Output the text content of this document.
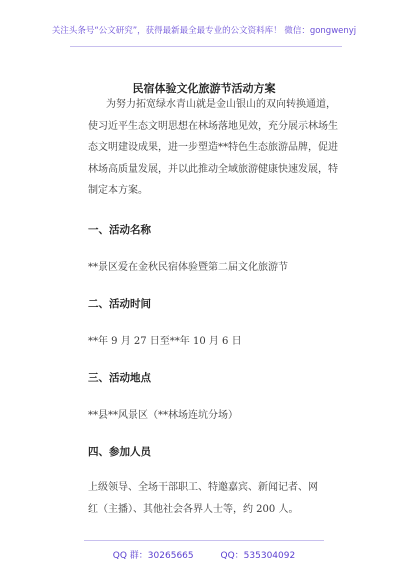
关注头条号“公文研究”，获得最新最全最专业的公文资料库！ 微信：gongwenyj
民宿体验文化旅游节活动方案
为努力拓宽绿水青山就是金山银山的双向转换通道，
使习近平生态文明思想在林场落地见效，充分展示林场生
态文明建设成果，进一步塑造**特色生态旅游品牌，促进
林场高质量发展，并以此推动全域旅游健康快速发展，特
制定本方案。
一、活动名称
**景区爱在金秋民宿体验暨第二届文化旅游节
二、活动时间
**年 9 月 27 日至**年 10 月 6 日
三、活动地点
**县**风景区（**林场连坑分场）
四、参加人员
上级领导、全场干部职工、特邀嘉宾、新闻记者、网
红（主播）、其他社会各界人士等，约 200 人。
QQ 群：30265665	QQ：535304092
